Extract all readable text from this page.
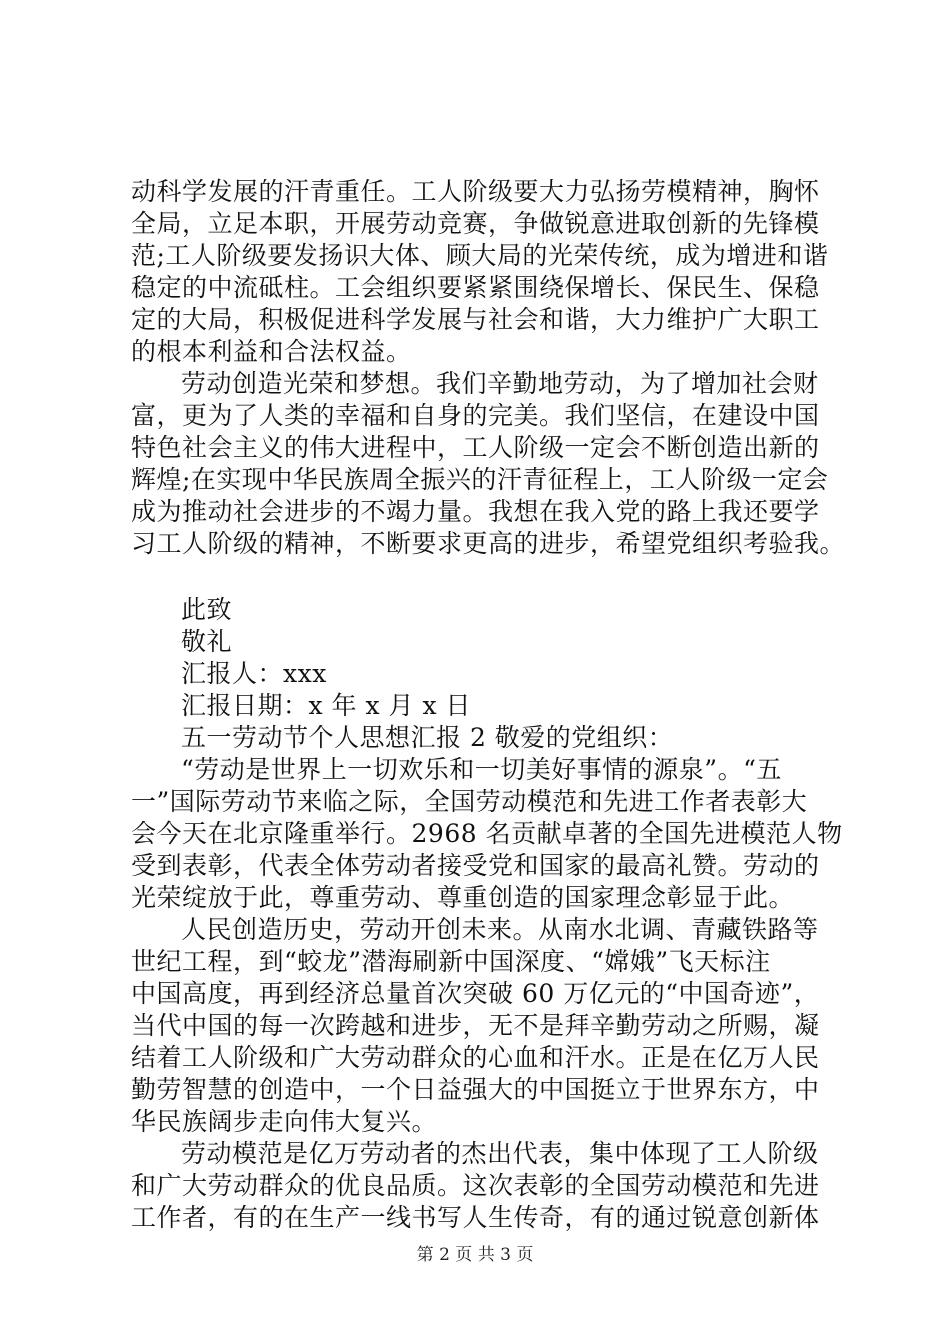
动科学发展的汗青重任。工人阶级要大力弘扬劳模精神，胸怀
全局，立足本职，开展劳动竞赛，争做锐意进取创新的先锋模
范;工人阶级要发扬识大体、顾大局的光荣传统，成为增进和谐
稳定的中流砥柱。工会组织要紧紧围绕保增长、保民生、保稳
定的大局，积极促进科学发展与社会和谐，大力维护广大职工
的根本利益和合法权益。
劳动创造光荣和梦想。我们辛勤地劳动，为了增加社会财
富，更为了人类的幸福和自身的完美。我们坚信，在建设中国
特色社会主义的伟大进程中，工人阶级一定会不断创造出新的
辉煌;在实现中华民族周全振兴的汗青征程上，工人阶级一定会
成为推动社会进步的不竭力量。我想在我入党的路上我还要学
习工人阶级的精神，不断要求更高的进步，希望党组织考验我。
此致
敬礼
汇报人：xxx
汇报日期：x 年 x 月 x 日
五一劳动节个人思想汇报 2 敬爱的党组织：
“劳动是世界上一切欢乐和一切美好事情的源泉”。“五
一”国际劳动节来临之际，全国劳动模范和先进工作者表彰大
会今天在北京隆重举行。2968 名贡献卓著的全国先进模范人物
受到表彰，代表全体劳动者接受党和国家的最高礼赞。劳动的
光荣绽放于此，尊重劳动、尊重创造的国家理念彰显于此。
人民创造历史，劳动开创未来。从南水北调、青藏铁路等
世纪工程，到“蛟龙”潜海刷新中国深度、“嫦娥”飞天标注
中国高度，再到经济总量首次突破 60 万亿元的“中国奇迹”，
当代中国的每一次跨越和进步，无不是拜辛勤劳动之所赐，凝
结着工人阶级和广大劳动群众的心血和汗水。正是在亿万人民
勤劳智慧的创造中，一个日益强大的中国挺立于世界东方，中
华民族阔步走向伟大复兴。
劳动模范是亿万劳动者的杰出代表，集中体现了工人阶级
和广大劳动群众的优良品质。这次表彰的全国劳动模范和先进
工作者，有的在生产一线书写人生传奇，有的通过锐意创新体
第 2 页 共 3 页
